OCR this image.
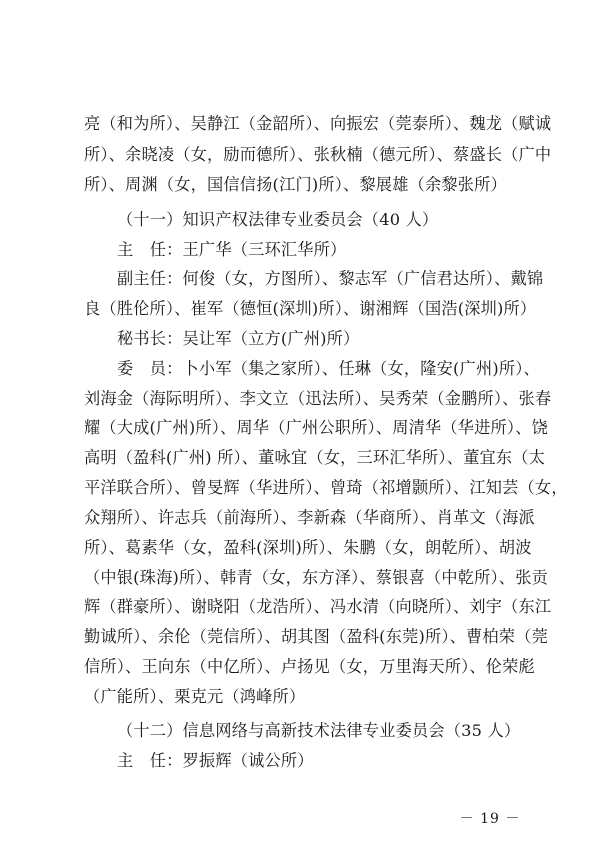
亮（和为所）、吴静江（金韶所）、向振宏（莞泰所）、魏龙（赋诚
所）、余晓凌（女，励而德所）、张秋楠（德元所）、蔡盛长（广中
所）、周渊（女，国信信扬(江门)所）、黎展雄（余黎张所）
（十一）知识产权法律专业委员会（40 人）
主　任：王广华（三环汇华所）
副主任：何俊（女，方图所）、黎志军（广信君达所）、戴锦
良（胜伦所）、崔军（德恒(深圳)所）、谢湘辉（国浩(深圳)所）
秘书长：吴让军（立方(广州)所）
委　员：卜小军（集之家所）、任琳（女，隆安(广州)所）、
刘海金（海际明所）、李文立（迅法所）、吴秀荣（金鹏所）、张春
耀（大成(广州)所）、周华（广州公职所）、周清华（华进所）、饶
高明（盈科(广州) 所）、董咏宜（女，三环汇华所）、董宜东（太
平洋联合所）、曾旻辉（华进所）、曾琦（祁增颢所）、江知芸（女，
众翔所）、许志兵（前海所）、李新森（华商所）、肖革文（海派
所）、葛素华（女，盈科(深圳)所）、朱鹏（女，朗乾所）、胡波
（中银(珠海)所）、韩青（女，东方泽）、蔡银喜（中乾所）、张贡
辉（群豪所）、谢晓阳（龙浩所）、冯水清（向晓所）、刘宇（东江
勤诚所）、余伦（莞信所）、胡其图（盈科(东莞)所）、曹柏荣（莞
信所）、王向东（中亿所）、卢扬见（女，万里海天所）、伦荣彪
（广能所）、栗克元（鸿峰所）
（十二）信息网络与高新技术法律专业委员会（35 人）
主　任：罗振辉（诚公所）
－ 19 －
